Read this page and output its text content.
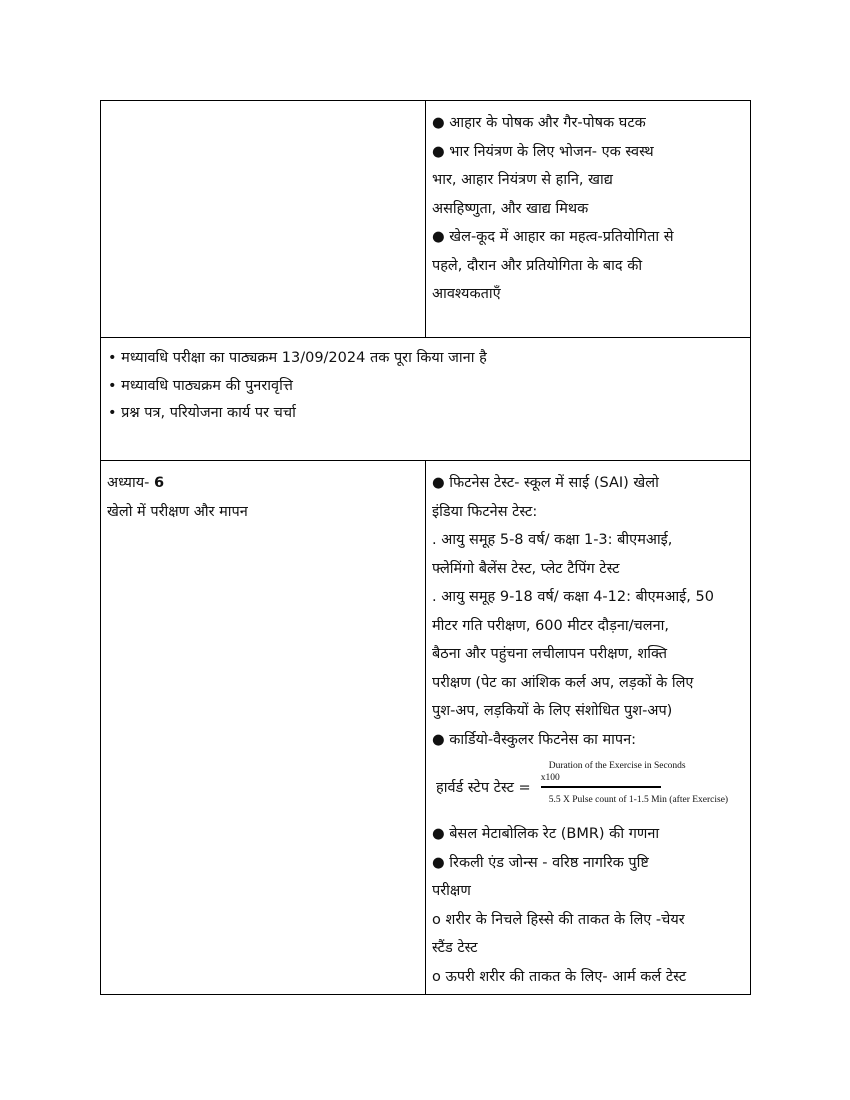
● आहार के पोषक और गैर-पोषक घटक
● भार नियंत्रण के लिए भोजन- एक स्वस्थ
भार, आहार नियंत्रण से हानि, खाद्य
असहिष्णुता, और खाद्य मिथक
● खेल-कूद में आहार का महत्व-प्रतियोगिता से
पहले, दौरान और प्रतियोगिता के बाद की
आवश्यकताएँ
• मध्यावधि परीक्षा का पाठ्यक्रम 13/09/2024 तक पूरा किया जाना है
• मध्यावधि पाठ्यक्रम की पुनरावृत्ति
• प्रश्न पत्र, परियोजना कार्य पर चर्चा
अध्याय- 6
खेलो में परीक्षण और मापन
● फिटनेस टेस्ट- स्कूल में साई (SAI) खेलो
इंडिया फिटनेस टेस्ट:
. आयु समूह 5-8 वर्ष/ कक्षा 1-3: बीएमआई,
फ्लेमिंगो बैलेंस टेस्ट, प्लेट टैपिंग टेस्ट
. आयु समूह 9-18 वर्ष/ कक्षा 4-12: बीएमआई, 50
मीटर गति परीक्षण, 600 मीटर दौड़ना/चलना,
बैठना और पहुंचना लचीलापन परीक्षण, शक्ति
परीक्षण (पेट का आंशिक कर्ल अप, लड़कों के लिए
पुश-अप, लड़कियों के लिए संशोधित पुश-अप)
● कार्डियो-वैस्कुलर फिटनेस का मापन:
हार्वर्ड स्टेप टेस्ट =
Duration of the Exercise in Seconds
x100
5.5 X Pulse count of 1-1.5 Min (after Exercise)
● बेसल मेटाबोलिक रेट (BMR) की गणना
● रिकली एंड जोन्स - वरिष्ठ नागरिक पुष्टि
परीक्षण
o शरीर के निचले हिस्से की ताकत के लिए -चेयर
स्टैंड टेस्ट
o ऊपरी शरीर की ताकत के लिए- आर्म कर्ल टेस्ट
